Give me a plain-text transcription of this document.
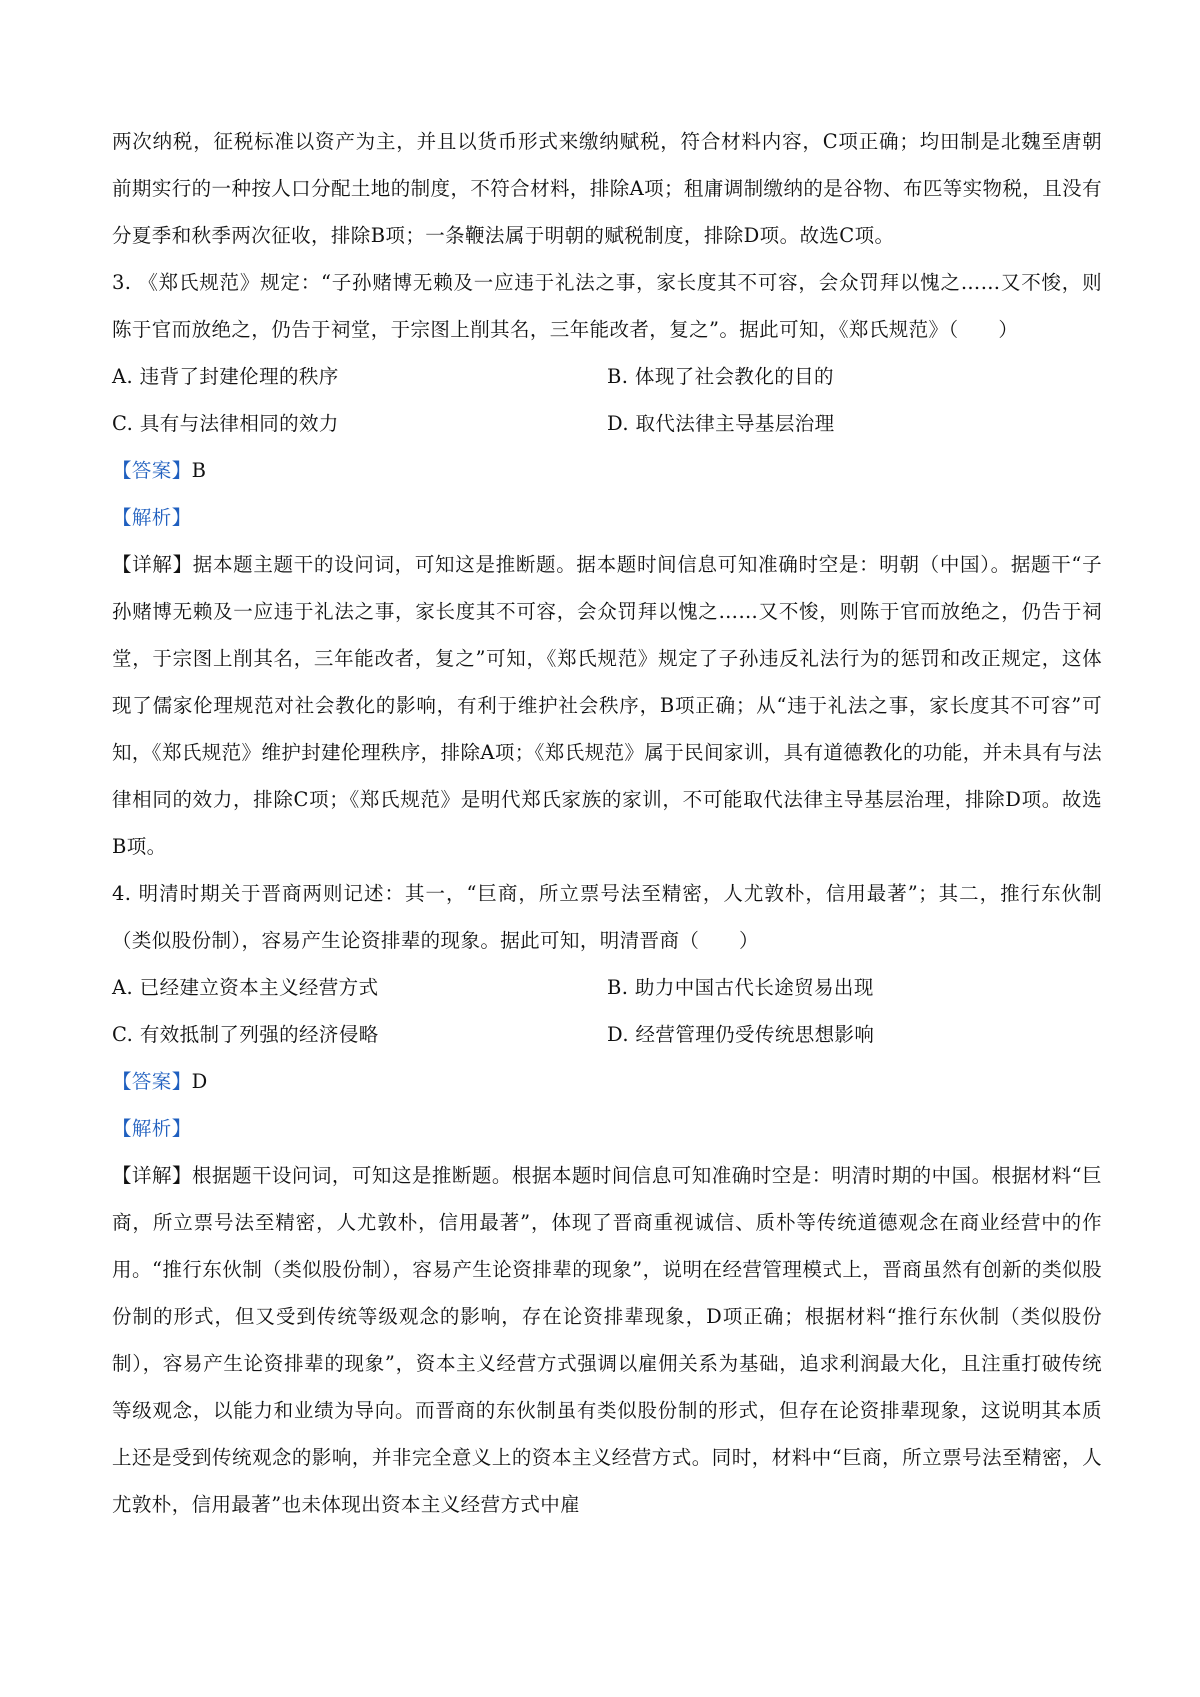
两次纳税，征税标准以资产为主，并且以货币形式来缴纳赋税，符合材料内容，C项正确；均田制是北魏至唐朝前期实行的一种按人口分配土地的制度，不符合材料，排除A项；租庸调制缴纳的是谷物、布匹等实物税，且没有分夏季和秋季两次征收，排除B项；一条鞭法属于明朝的赋税制度，排除D项。故选C项。

3. 《郑氏规范》规定：“子孙赌博无赖及一应违于礼法之事，家长度其不可容，会众罚拜以愧之……又不悛，则陈于官而放绝之，仍告于祠堂，于宗图上削其名，三年能改者，复之”。据此可知，《郑氏规范》（　　）

A. 违背了封建伦理的秩序	B. 体现了社会教化的目的
C. 具有与法律相同的效力	D. 取代法律主导基层治理

【答案】B

【解析】

【详解】据本题主题干的设问词，可知这是推断题。据本题时间信息可知准确时空是：明朝（中国）。据题干“子孙赌博无赖及一应违于礼法之事，家长度其不可容，会众罚拜以愧之……又不悛，则陈于官而放绝之，仍告于祠堂，于宗图上削其名，三年能改者，复之”可知，《郑氏规范》规定了子孙违反礼法行为的惩罚和改正规定，这体现了儒家伦理规范对社会教化的影响，有利于维护社会秩序，B项正确；从“违于礼法之事，家长度其不可容”可知，《郑氏规范》维护封建伦理秩序，排除A项；《郑氏规范》属于民间家训，具有道德教化的功能，并未具有与法律相同的效力，排除C项；《郑氏规范》是明代郑氏家族的家训，不可能取代法律主导基层治理，排除D项。故选B项。

4. 明清时期关于晋商两则记述：其一，“巨商，所立票号法至精密，人尤敦朴，信用最著”；其二，推行东伙制（类似股份制），容易产生论资排辈的现象。据此可知，明清晋商（　　）

A. 已经建立资本主义经营方式	B. 助力中国古代长途贸易出现
C. 有效抵制了列强的经济侵略	D. 经营管理仍受传统思想影响

【答案】D

【解析】

【详解】根据题干设问词，可知这是推断题。根据本题时间信息可知准确时空是：明清时期的中国。根据材料“巨商，所立票号法至精密，人尤敦朴，信用最著”，体现了晋商重视诚信、质朴等传统道德观念在商业经营中的作用。“推行东伙制（类似股份制），容易产生论资排辈的现象”，说明在经营管理模式上，晋商虽然有创新的类似股份制的形式，但又受到传统等级观念的影响，存在论资排辈现象，D项正确；根据材料“推行东伙制（类似股份制），容易产生论资排辈的现象”，资本主义经营方式强调以雇佣关系为基础，追求利润最大化，且注重打破传统等级观念，以能力和业绩为导向。而晋商的东伙制虽有类似股份制的形式，但存在论资排辈现象，这说明其本质上还是受到传统观念的影响，并非完全意义上的资本主义经营方式。同时，材料中“巨商，所立票号法至精密，人尤敦朴，信用最著”也未体现出资本主义经营方式中雇
